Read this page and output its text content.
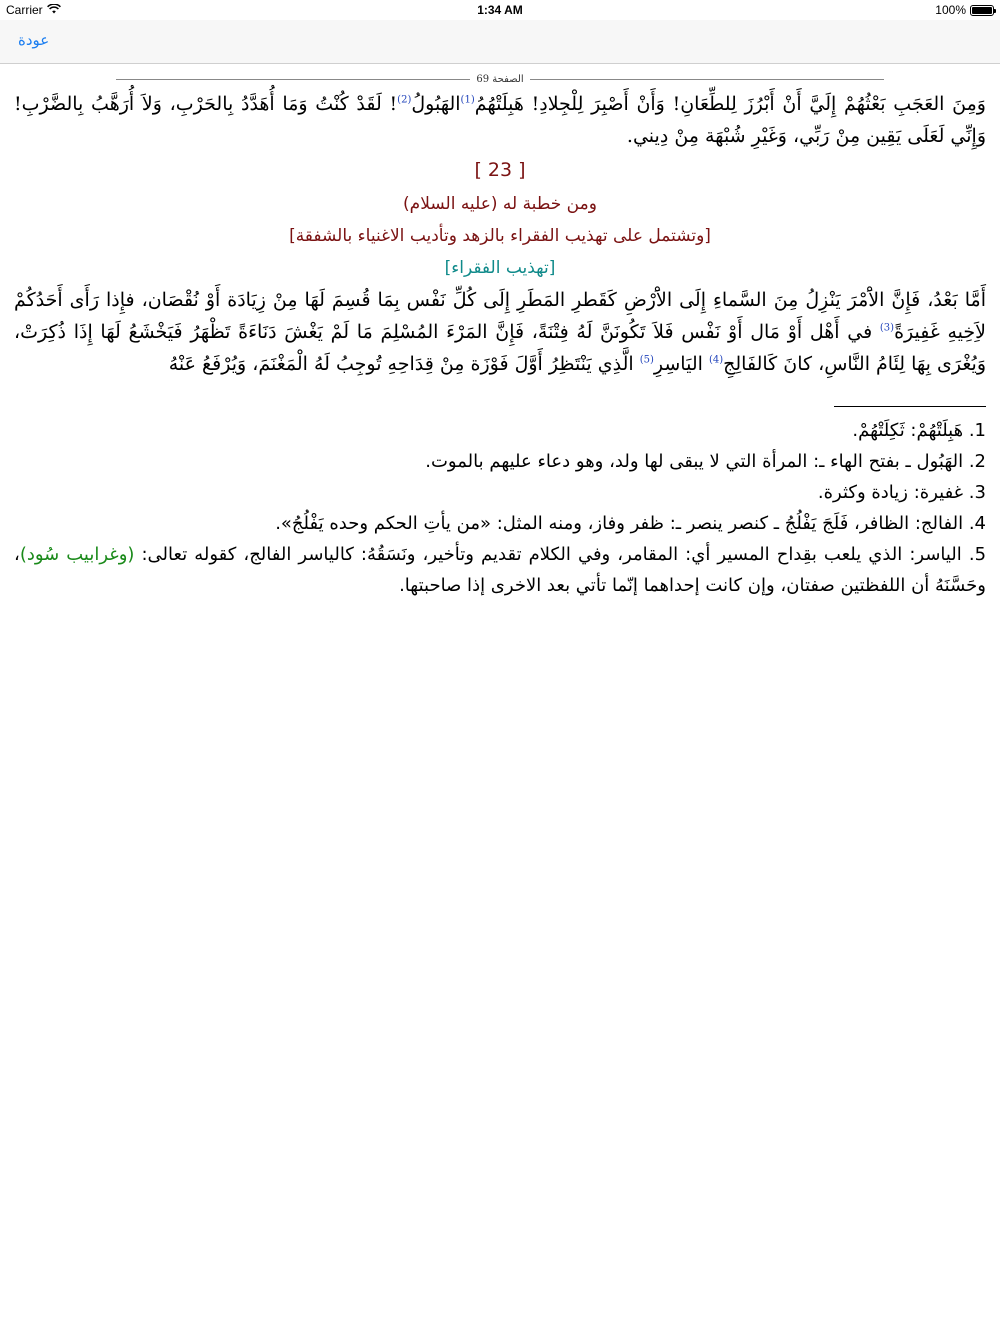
Carrier	1:34 AM	100%
عودة
الصفحة 69

وَمِنَ العَجَبِ بَعْثُهُمْ إِلَيَّ أَنْ أَبْرُزَ لِلطِّعَانِ! وَأَنْ أَصْبِرَ لِلْجِلادِ! هَبِلَتْهُمُ$^{(1)}$الهَبُولُ$^{(2)}$! لَقَدْ كُنْتُ وَمَا أُهَدَّدُ بِالحَرْبِ، وَلاَ أُرَهَّبُ بِالضَّرْبِ! وَإِنِّي لَعَلَى يَقِين مِنْ رَبِّي، وَغَيْرِ شُبْهَة مِنْ دِيني.

[ 23 ]

ومن خطبة له (عليه السلام)

[وتشتمل على تهذيب الفقراء بالزهد وتأديب الاغنياء بالشفقة]

[تهذيب الفقراء]

أَمَّا بَعْدُ، فَإِنَّ الاَْمْرَ يَنْزِلُ مِنَ السَّماءِ إِلَى الاَْرْضِ كَقَطرِ المَطَرِ إِلَى كُلِّ نَفْس بِمَا قُسِمَ لَهَا مِنْ زِيَادَة أَوْ نُقْصَان، فإِذا رَأَى أَحَدُكُمْ لاَِخِيهِ غَفِيرَةً$^{(3)}$ في أَهْل أَوْ مَال أَوْ نَفْس فَلاَ تَكُونَنَّ لَهُ فِتْنَةً، فَإِنَّ المَرْءَ المُسْلِمَ مَا لَمْ يَغْشَ دَنَاءَةً تَظْهَرُ فَيَخْشَعُ لَهَا إِذَا ذُكِرَتْ، وَيُغْرَى بِهَا لِئَامُ النَّاسِ، كانَ كَالفَالِجِ$^{(4)}$ اليَاسِرِ$^{(5)}$ الَّذِي يَنْتَظِرُ أَوَّلَ فَوْزَة مِنْ قِدَاحِهِ تُوجِبُ لَهُ الْمَغْنَمَ، وَيُرْفَعُ عَنْهُ

1. هَبِلَتْهُمْ: ثَكِلَتْهُمْ.

2. الهَبُول ـ بفتح الهاء ـ: المرأة التي لا يبقى لها ولد، وهو دعاء عليهم بالموت.

3. غفيرة: زيادة وكثرة.

4. الفالج: الظافر، فَلَجَ يَفْلُجُ ـ كنصر ينصر ـ: ظفر وفاز، ومنه المثل: «من يأتِ الحكم وحده يَفْلُجُ».

5. الياسر: الذي يلعب بقِداح المسير أي: المقامر، وفي الكلام تقديم وتأخير، ونَسَقُهُ: كالياسر الفالج، كقوله تعالى: (وغرابيب سُود)، وحَسَّنَهُ أن اللفظتين صفتان، وإن كانت إحداهما إنّما تأتي بعد الاخرى إذا صاحبتها.
